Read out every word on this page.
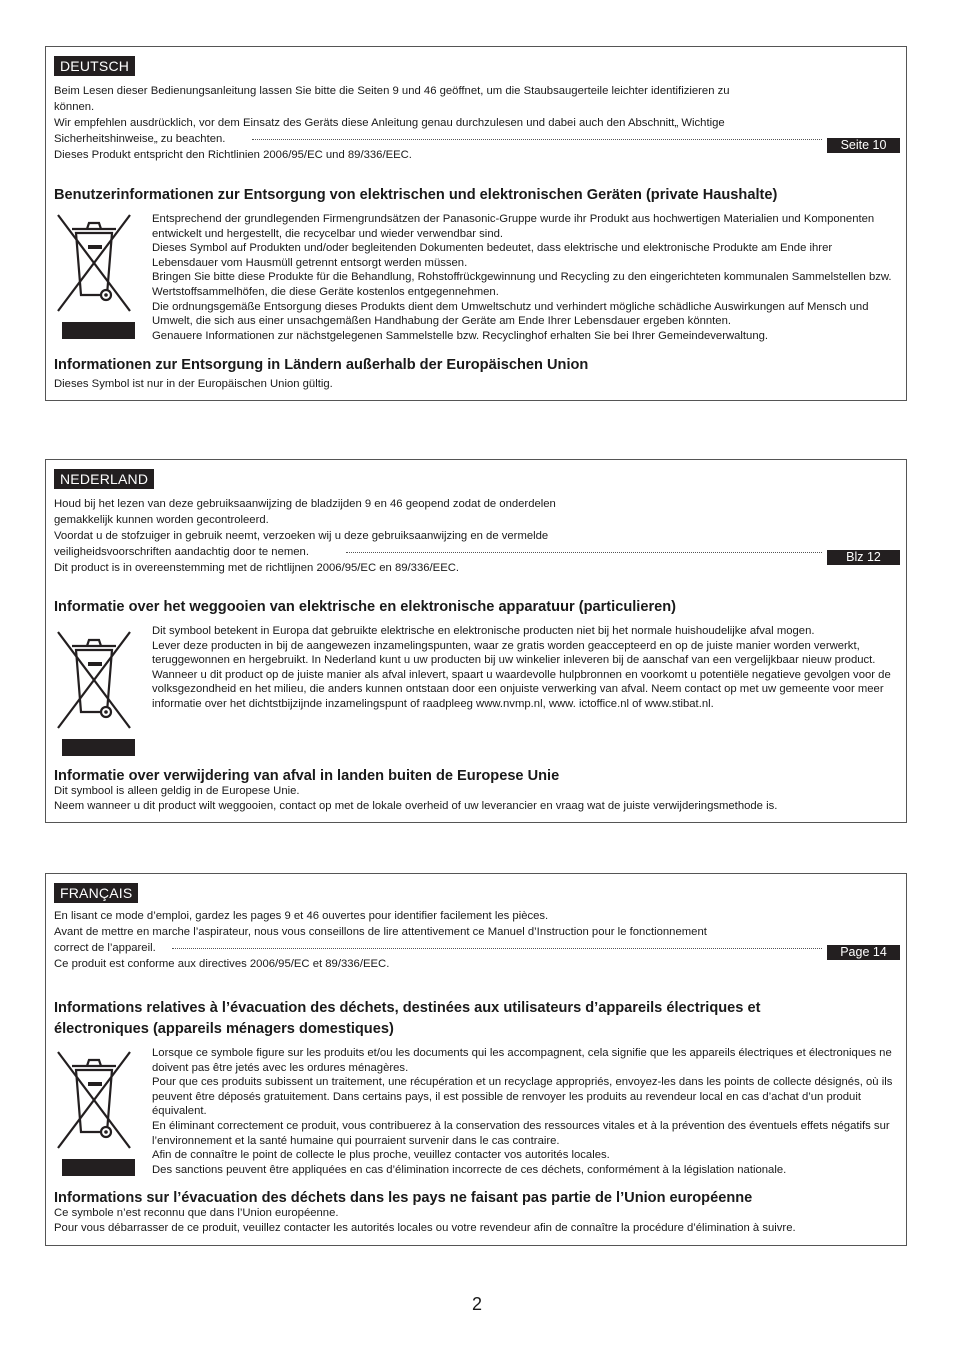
DEUTSCH

Beim Lesen dieser Bedienungsanleitung lassen Sie bitte die Seiten 9 und 46 geöffnet, um die Staubsaugerteile leichter identifizieren zu

können.

Wir empfehlen ausdrücklich, vor dem Einsatz des Geräts diese Anleitung genau durchzulesen und dabei auch den Abschnitt„ Wichtige

Sicherheitshinweise„ zu beachten.

Dieses Produkt entspricht den Richtlinien 2006/95/EC und 89/336/EEC.

Seite 10
Benutzerinformationen zur Entsorgung von elektrischen und elektronischen Geräten (private Haushalte)

Entsprechend der grundlegenden Firmengrundsätzen der Panasonic-Gruppe wurde ihr Produkt aus hochwertigen Materialien und Komponenten entwickelt und hergestellt, die recycelbar und wieder verwendbar sind.

Dieses Symbol auf Produkten und/oder begleitenden Dokumenten bedeutet, dass elektrische und elektronische Produkte am Ende ihrer Lebensdauer vom Hausmüll getrennt entsorgt werden müssen.

Bringen Sie bitte diese Produkte für die Behandlung, Rohstoffrückgewinnung und Recycling zu den eingerichteten kommunalen Sammelstellen bzw. Wertstoffsammelhöfen, die diese Geräte kostenlos entgegennehmen.

Die ordnungsgemäße Entsorgung dieses Produkts dient dem Umweltschutz und verhindert mögliche schädliche Auswirkungen auf Mensch und Umwelt, die sich aus einer unsachgemäßen Handhabung der Geräte am Ende Ihrer Lebensdauer ergeben könnten.

Genauere Informationen zur nächstgelegenen Sammelstelle bzw. Recyclinghof erhalten Sie bei Ihrer Gemeindeverwaltung.

Informationen zur Entsorgung in Ländern außerhalb der Europäischen Union

Dieses Symbol ist nur in der Europäischen Union gültig.

NEDERLAND

Houd bij het lezen van deze gebruiksaanwijzing de bladzijden 9 en 46 geopend zodat de onderdelen

gemakkelijk kunnen worden gecontroleerd.

Voordat u de stofzuiger in gebruik neemt, verzoeken wij u deze gebruiksaanwijzing en de vermelde

veiligheidsvoorschriften aandachtig door te nemen.

Dit product is in overeenstemming met de richtlijnen 2006/95/EC en 89/336/EEC.

Blz 12
Informatie over het weggooien van elektrische en elektronische apparatuur (particulieren)

Dit symbool betekent in Europa dat gebruikte elektrische en elektronische producten niet bij het normale huishoudelijke afval mogen.

Lever deze producten in bij de aangewezen inzamelingspunten, waar ze gratis worden geaccepteerd en op de juiste manier worden verwerkt, teruggewonnen en hergebruikt. In Nederland kunt u uw producten bij uw winkelier inleveren bij de aanschaf van een vergelijkbaar nieuw product.

Wanneer u dit product op de juiste manier als afval inlevert, spaart u waardevolle hulpbronnen en voorkomt u potentiële negatieve gevolgen voor de volksgezondheid en het milieu, die anders kunnen ontstaan door een onjuiste verwerking van afval. Neem contact op met uw gemeente voor meer informatie over het dichtstbijzijnde inzamelingspunt of raadpleeg www.nvmp.nl, www. ictoffice.nl of www.stibat.nl.

Informatie over verwijdering van afval in landen buiten de Europese Unie

Dit symbool is alleen geldig in de Europese Unie.

Neem wanneer u dit product wilt weggooien, contact op met de lokale overheid of uw leverancier en vraag wat de juiste verwijderingsmethode is.

FRANÇAIS

En lisant ce mode d’emploi, gardez les pages 9 et 46 ouvertes pour identifier facilement les pièces.

Avant de mettre en marche l’aspirateur, nous vous conseillons de lire attentivement ce Manuel d’Instruction pour le fonctionnement

correct de l’appareil.

Ce produit est conforme aux directives 2006/95/EC et 89/336/EEC.

Page 14
Informations relatives à l’évacuation des déchets, destinées aux utilisateurs d’appareils électriques et électroniques (appareils ménagers domestiques)

Lorsque ce symbole figure sur les produits et/ou les documents qui les accompagnent, cela signifie que les appareils électriques et électroniques ne doivent pas être jetés avec les ordures ménagères.

Pour que ces produits subissent un traitement, une récupération et un recyclage appropriés, envoyez-les dans les points de collecte désignés, où ils peuvent être déposés gratuitement. Dans certains pays, il est possible de renvoyer les produits au revendeur local en cas d’achat d’un produit équivalent.

En éliminant correctement ce produit, vous contribuerez à la conservation des ressources vitales et à la prévention des éventuels effets négatifs sur l’environnement et la santé humaine qui pourraient survenir dans le cas contraire.

Afin de connaître le point de collecte le plus proche, veuillez contacter vos autorités locales.

Des sanctions peuvent être appliquées en cas d’élimination incorrecte de ces déchets, conformément à la législation nationale.

Informations sur l’évacuation des déchets dans les pays ne faisant pas partie de l’Union européenne

Ce symbole n’est reconnu que dans l’Union européenne.

Pour vous débarrasser de ce produit, veuillez contacter les autorités locales ou votre revendeur afin de connaître la procédure d’élimination à suivre.

2
